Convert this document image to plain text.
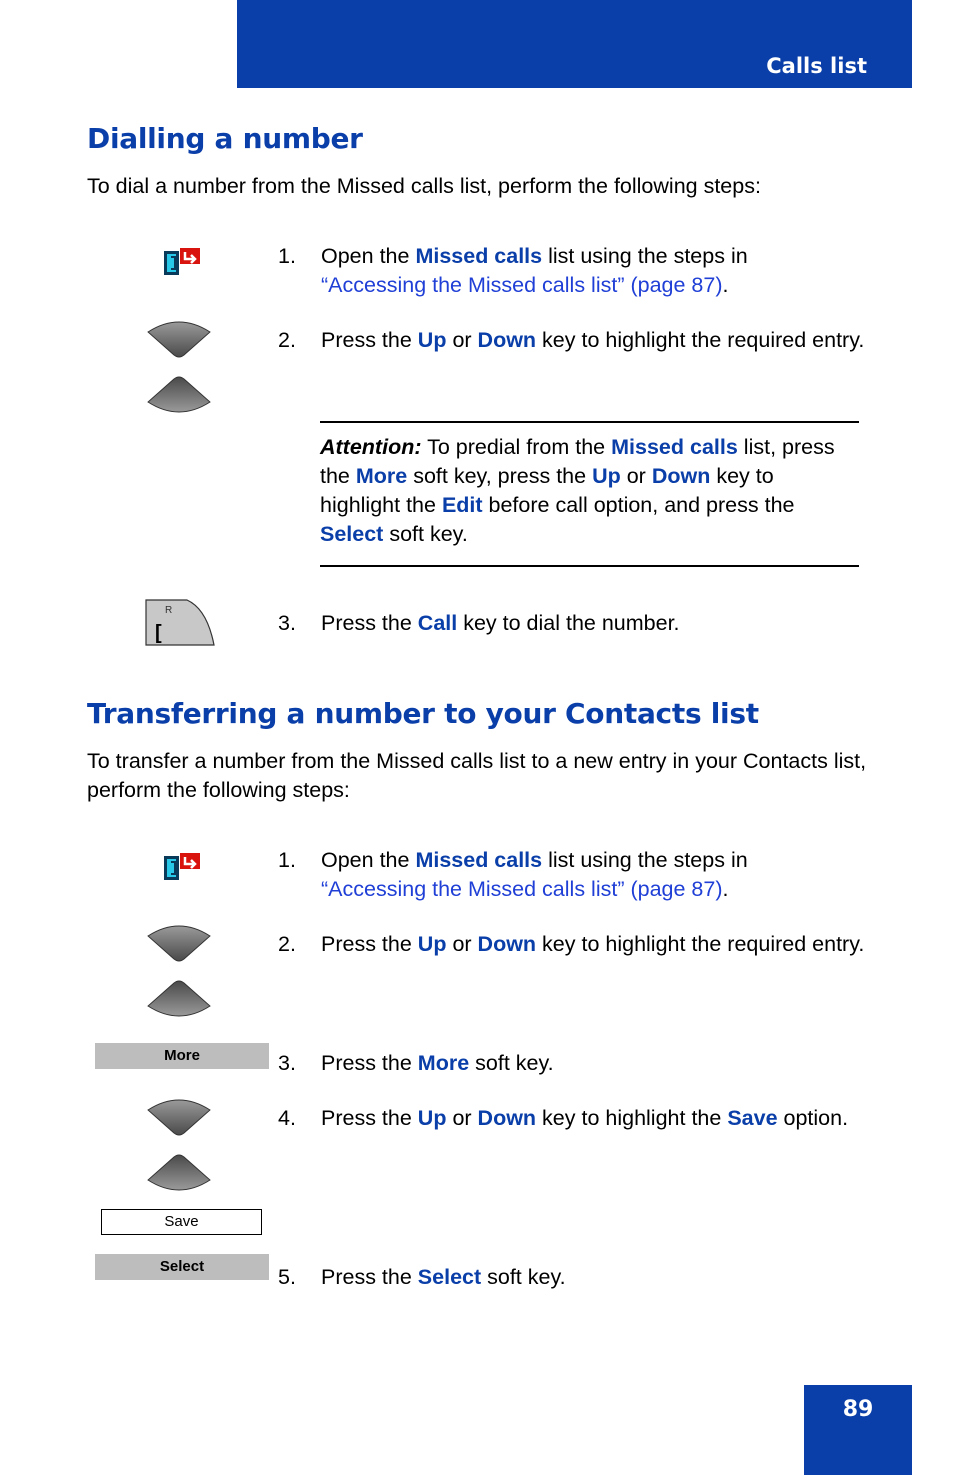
Calls list
Dialling a number

To dial a number from the Missed calls list, perform the following steps:

1. Open the Missed calls list using the steps in
“Accessing the Missed calls list” (page 87).
2. Press the Up or Down key to highlight the required entry.
Attention: To predial from the Missed calls list, press the More soft key, press the Up or Down key to highlight the Edit before call option, and press the Select soft key.
R
[	3. Press the Call key to dial the number.
Transferring a number to your Contacts list

To transfer a number from the Missed calls list to a new entry in your Contacts list, perform the following steps:

1. Open the Missed calls list using the steps in
“Accessing the Missed calls list” (page 87).
2. Press the Up or Down key to highlight the required entry.
More	3. Press the More soft key.
4. Press the Up or Down key to highlight the Save option.
Save
Select	5. Press the Select soft key.
89
